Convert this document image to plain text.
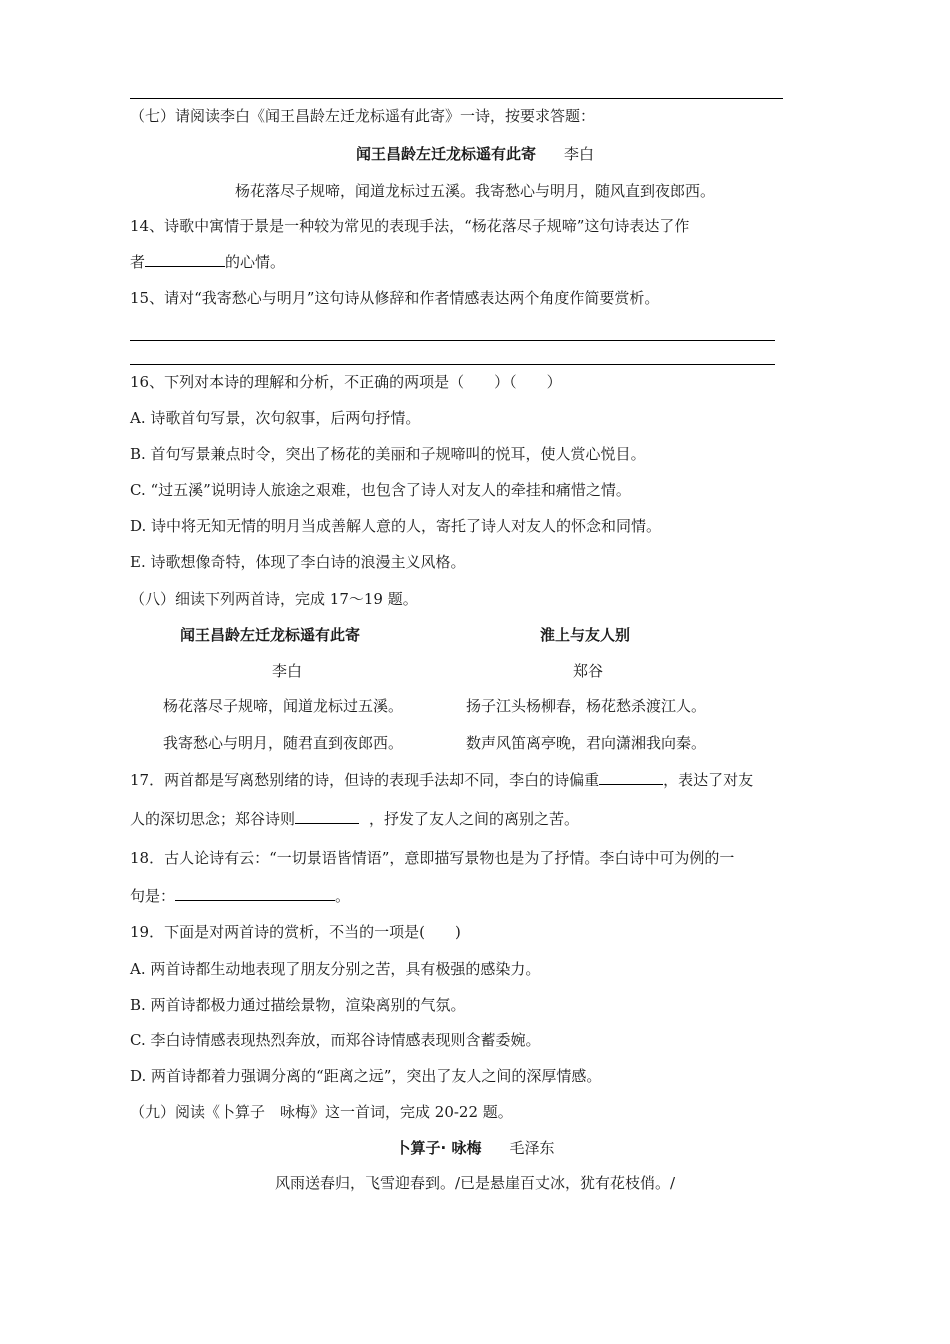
（七）请阅读李白《闻王昌龄左迁龙标遥有此寄》一诗，按要求答题：
闻王昌龄左迁龙标遥有此寄 李白
杨花落尽子规啼，闻道龙标过五溪。我寄愁心与明月，随风直到夜郎西。
14、诗歌中寓情于景是一种较为常见的表现手法，“杨花落尽子规啼”这句诗表达了作
者	的心情。
15、请对“我寄愁心与明月”这句诗从修辞和作者情感表达两个角度作简要赏析。
16、下列对本诗的理解和分析，不正确的两项是（　　）（　　）
A. 诗歌首句写景，次句叙事，后两句抒情。
B. 首句写景兼点时令，突出了杨花的美丽和子规啼叫的悦耳，使人赏心悦目。
C. “过五溪”说明诗人旅途之艰难，也包含了诗人对友人的牵挂和痛惜之情。
D. 诗中将无知无情的明月当成善解人意的人，寄托了诗人对友人的怀念和同情。
E. 诗歌想像奇特，体现了李白诗的浪漫主义风格。
（八）细读下列两首诗，完成 17～19 题。
闻王昌龄左迁龙标遥有此寄	淮上与友人别
李白	郑谷
杨花落尽子规啼，闻道龙标过五溪。	扬子江头杨柳春，杨花愁杀渡江人。
我寄愁心与明月，随君直到夜郎西。	数声风笛离亭晚，君向潇湘我向秦。
17．两首都是写离愁别绪的诗，但诗的表现手法却不同，李白的诗偏重	，表达了对友
人的深切思念；郑谷诗则	，抒发了友人之间的离别之苦。
18．古人论诗有云：“一切景语皆情语”，意即描写景物也是为了抒情。李白诗中可为例的一
句是：	。
19．下面是对两首诗的赏析，不当的一项是(　　)
A. 两首诗都生动地表现了朋友分别之苦，具有极强的感染力。
B. 两首诗都极力通过描绘景物，渲染离别的气氛。
C. 李白诗情感表现热烈奔放，而郑谷诗情感表现则含蓄委婉。
D. 两首诗都着力强调分离的“距离之远”，突出了友人之间的深厚情感。
（九）阅读《卜算子　咏梅》这一首词，完成 20-22 题。
卜算子· 咏梅 毛泽东
风雨送春归，飞雪迎春到。/已是悬崖百丈冰，犹有花枝俏。/
